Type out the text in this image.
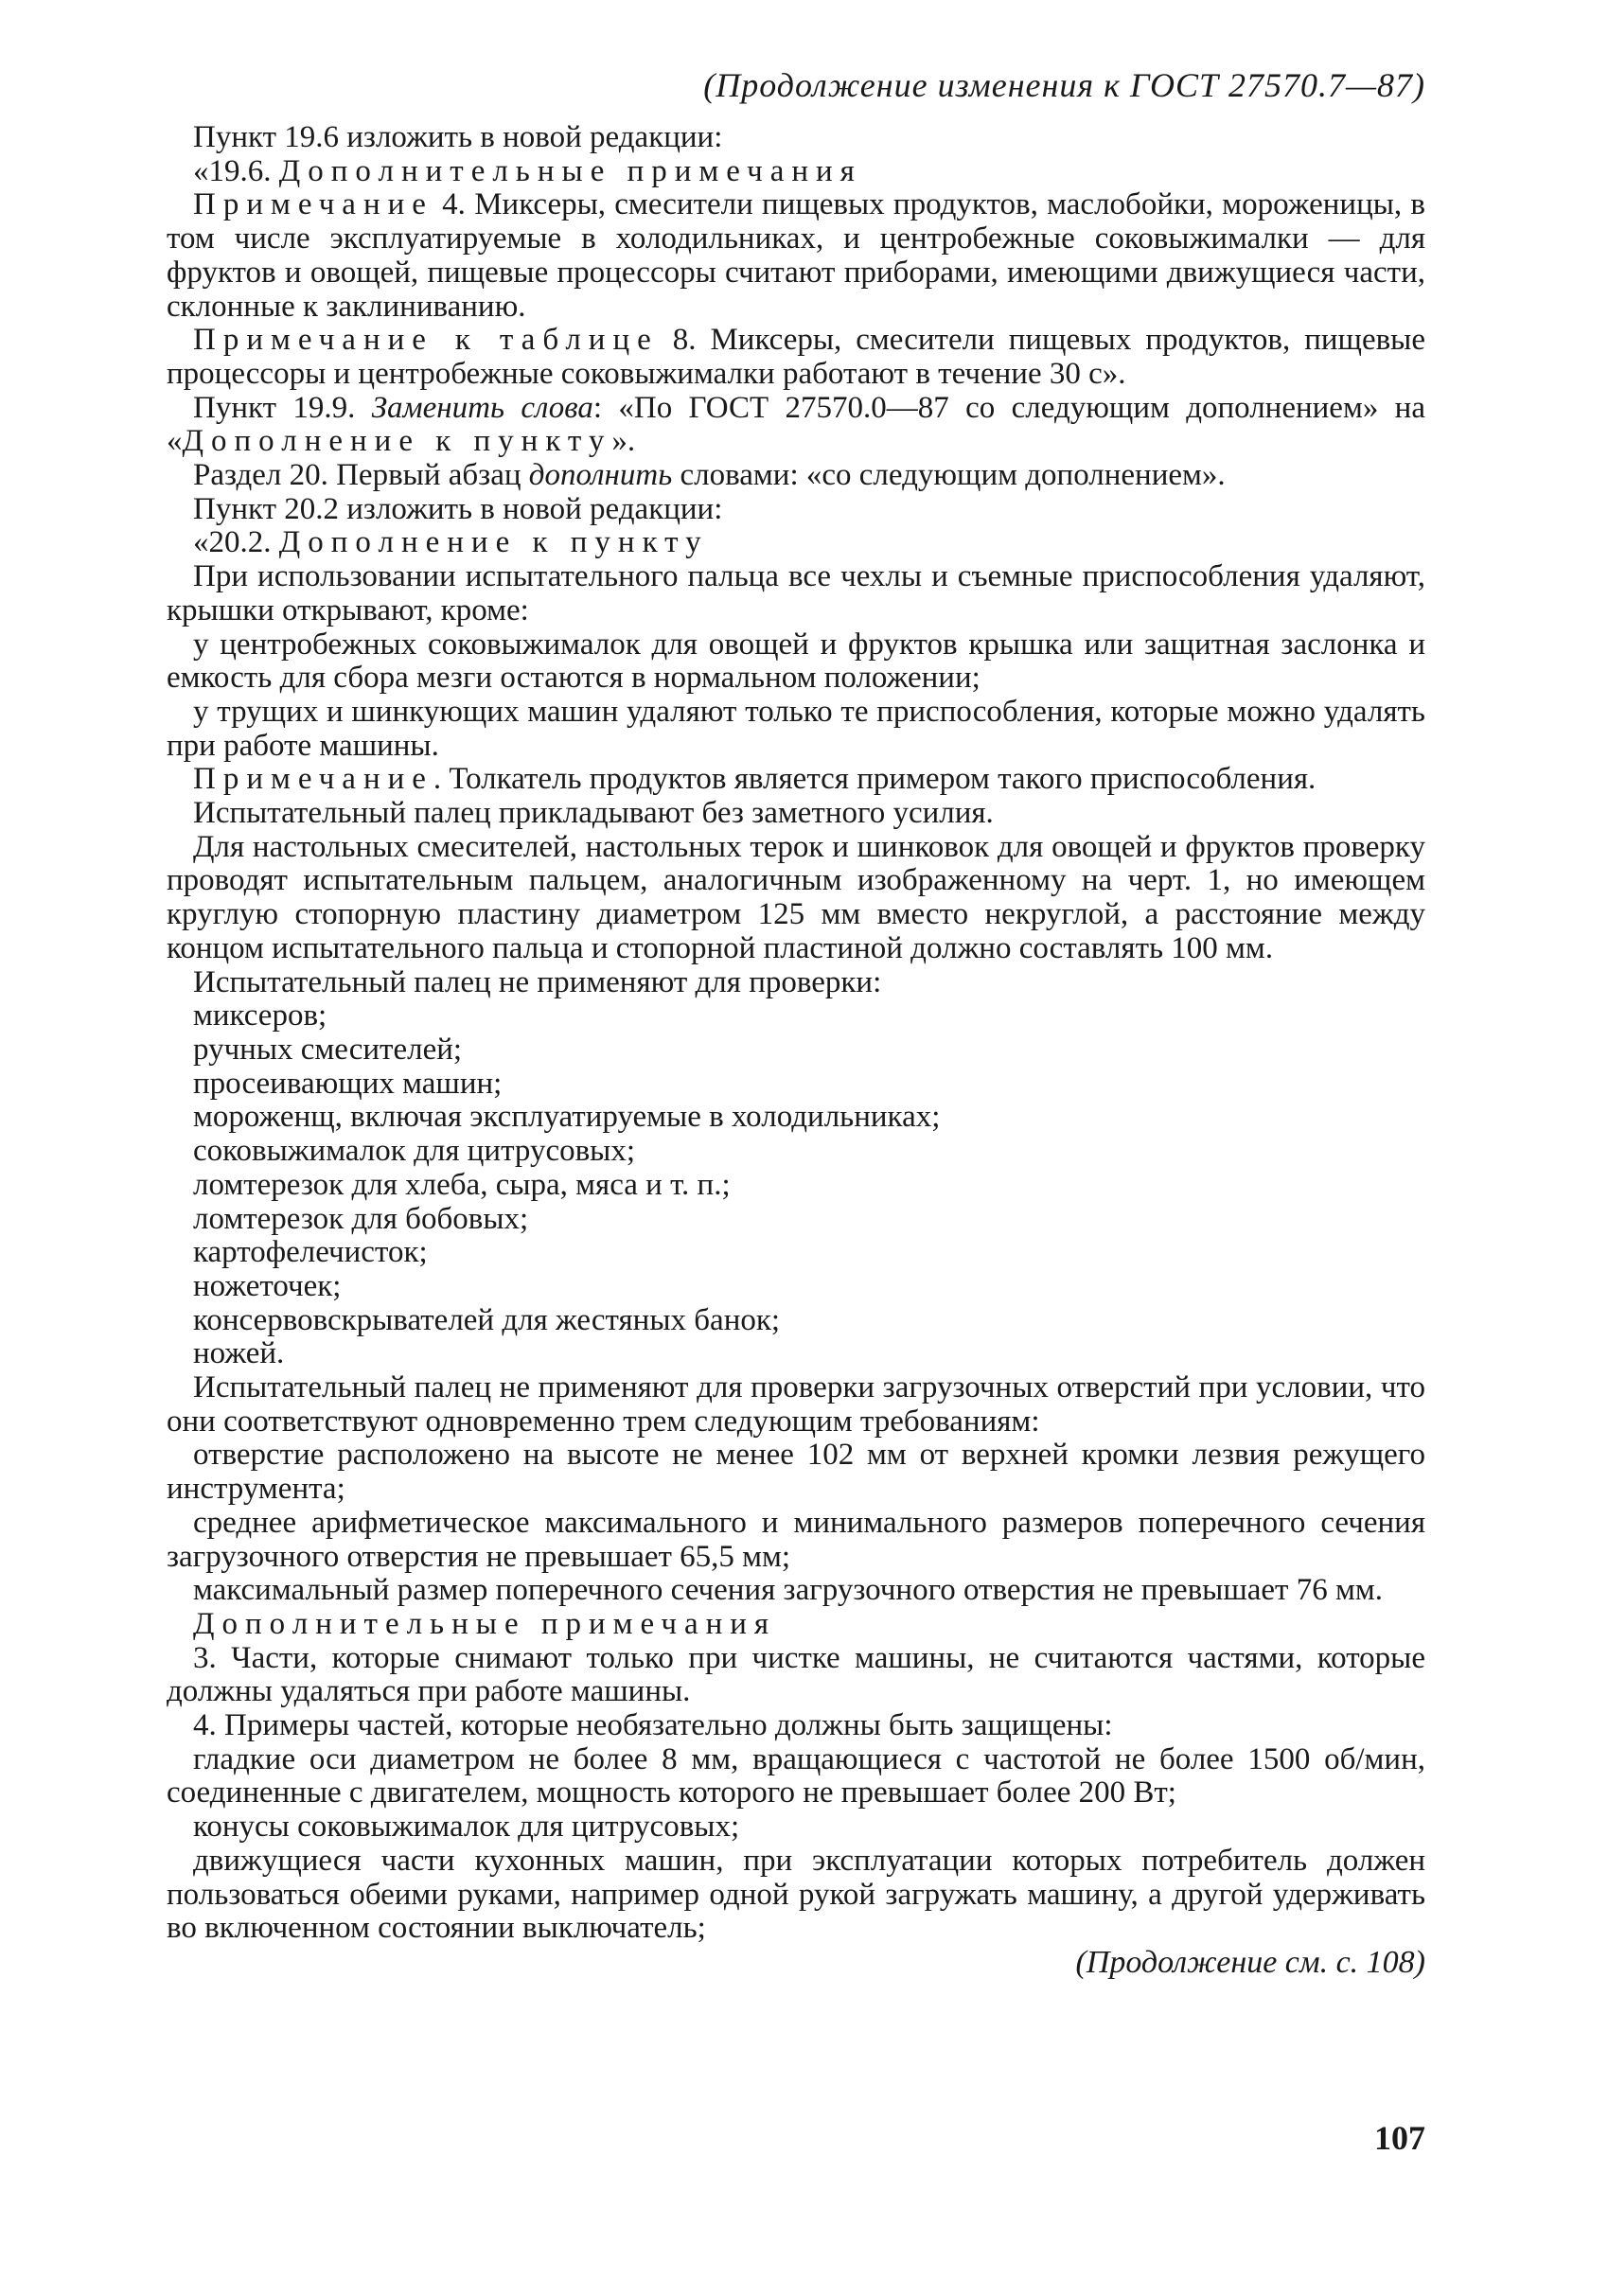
(Продолжение изменения к ГОСТ 27570.7—87)
Пункт 19.6 изложить в новой редакции:
«19.6. Дополнительные примечания
Примечание 4. Миксеры, смесители пищевых продуктов, маслобойки, мороженицы, в том числе эксплуатируемые в холодильниках, и центробежные соковыжималки — для фруктов и овощей, пищевые процессоры считают приборами, имеющими движущиеся части, склонные к заклиниванию.
Примечание к таблице 8. Миксеры, смесители пищевых продуктов, пищевые процессоры и центробежные соковыжималки работают в течение 30 с».
Пункт 19.9. Заменить слова: «По ГОСТ 27570.0—87 со следующим дополнением» на «Дополнение к пункту».
Раздел 20. Первый абзац дополнить словами: «со следующим дополнением».
Пункт 20.2 изложить в новой редакции:
«20.2. Дополнение к пункту
При использовании испытательного пальца все чехлы и съемные приспособления удаляют, крышки открывают, кроме:
у центробежных соковыжималок для овощей и фруктов крышка или защитная заслонка и емкость для сбора мезги остаются в нормальном положении;
у трущих и шинкующих машин удаляют только те приспособления, которые можно удалять при работе машины.
Примечание. Толкатель продуктов является примером такого приспособления.
Испытательный палец прикладывают без заметного усилия.
Для настольных смесителей, настольных терок и шинковок для овощей и фруктов проверку проводят испытательным пальцем, аналогичным изображенному на черт. 1, но имеющем круглую стопорную пластину диаметром 125 мм вместо некруглой, а расстояние между концом испытательного пальца и стопорной пластиной должно составлять 100 мм.
Испытательный палец не применяют для проверки:
миксеров;
ручных смесителей;
просеивающих машин;
мороженщ, включая эксплуатируемые в холодильниках;
соковыжималок для цитрусовых;
ломтерезок для хлеба, сыра, мяса и т. п.;
ломтерезок для бобовых;
картофелечисток;
ножеточек;
консервовскрывателей для жестяных банок;
ножей.
Испытательный палец не применяют для проверки загрузочных отверстий при условии, что они соответствуют одновременно трем следующим требованиям:
отверстие расположено на высоте не менее 102 мм от верхней кромки лезвия режущего инструмента;
среднее арифметическое максимального и минимального размеров поперечного сечения загрузочного отверстия не превышает 65,5 мм;
максимальный размер поперечного сечения загрузочного отверстия не превышает 76 мм.
Дополнительные примечания
3. Части, которые снимают только при чистке машины, не считаются частями, которые должны удаляться при работе машины.
4. Примеры частей, которые необязательно должны быть защищены:
гладкие оси диаметром не более 8 мм, вращающиеся с частотой не более 1500 об/мин, соединенные с двигателем, мощность которого не превышает более 200 Вт;
конусы соковыжималок для цитрусовых;
движущиеся части кухонных машин, при эксплуатации которых потребитель должен пользоваться обеими руками, например одной рукой загружать машину, а другой удерживать во включенном состоянии выключатель;
(Продолжение см. с. 108)
107
